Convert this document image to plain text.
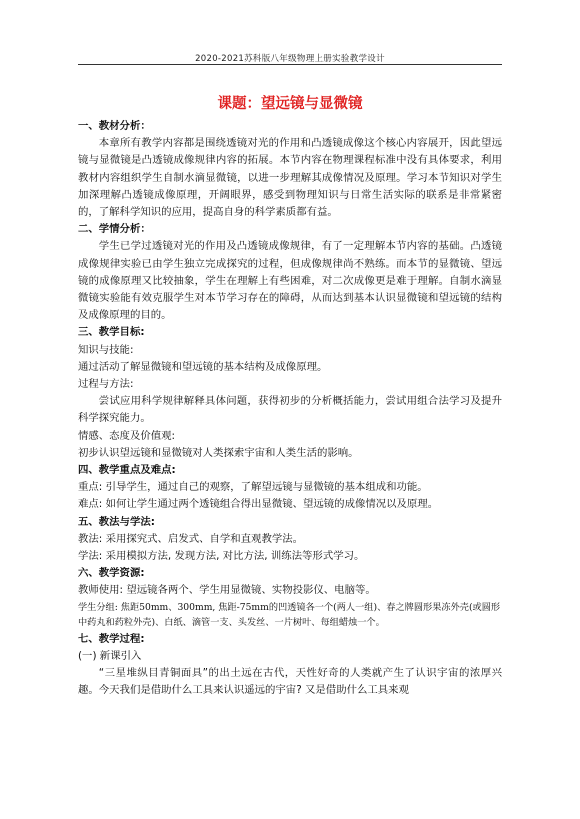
2020-2021苏科版八年级物理上册实验教学设计
课题：望远镜与显微镜

一、教材分析：

本章所有教学内容都是围绕透镜对光的作用和凸透镜成像这个核心内容展开，因此望远镜与显微镜是凸透镜成像规律内容的拓展。本节内容在物理课程标准中没有具体要求，利用教材内容组织学生自制水滴显微镜，以进一步理解其成像情况及原理。学习本节知识对学生加深理解凸透镜成像原理，开阔眼界，感受到物理知识与日常生活实际的联系是非常紧密的，了解科学知识的应用，提高自身的科学素质都有益。

二、学情分析：

学生已学过透镜对光的作用及凸透镜成像规律，有了一定理解本节内容的基础。凸透镜成像规律实验已由学生独立完成探究的过程，但成像规律尚不熟练。而本节的显微镜、望远镜的成像原理又比较抽象，学生在理解上有些困难，对二次成像更是难于理解。自制水滴显微镜实验能有效克服学生对本节学习存在的障碍，从而达到基本认识显微镜和望远镜的结构及成像原理的目的。

三、教学目标:

知识与技能:

通过活动了解显微镜和望远镜的基本结构及成像原理。

过程与方法:

尝试应用科学规律解释具体问题，获得初步的分析概括能力，尝试用组合法学习及提升科学探究能力。

情感、态度及价值观:

初步认识望远镜和显微镜对人类探索宇宙和人类生活的影响。

四、教学重点及难点:

重点: 引导学生，通过自己的观察，了解望远镜与显微镜的基本组成和功能。

难点: 如何让学生通过两个透镜组合得出显微镜、望远镜的成像情况以及原理。

五、教法与学法:

教法: 采用探究式、启发式、自学和直观教学法。

学法: 采用模拟方法, 发现方法, 对比方法, 训练法等形式学习。

六、教学资源:

教师使用: 望远镜各两个、学生用显微镜、实物投影仪、电脑等。

学生分组: 焦距50mm、300mm, 焦距-75mm的凹透镜各一个(两人一组)、春之牌圆形果冻外壳(或圆形中药丸和药粒外壳)、白纸、滴管一支、头发丝、一片树叶、每组蜡烛一个。

七、教学过程:

(一) 新课引入

“三星堆纵目青铜面具”的出土远在古代，天性好奇的人类就产生了认识宇宙的浓厚兴趣。今天我们是借助什么工具来认识遥远的宇宙? 又是借助什么工具来观
